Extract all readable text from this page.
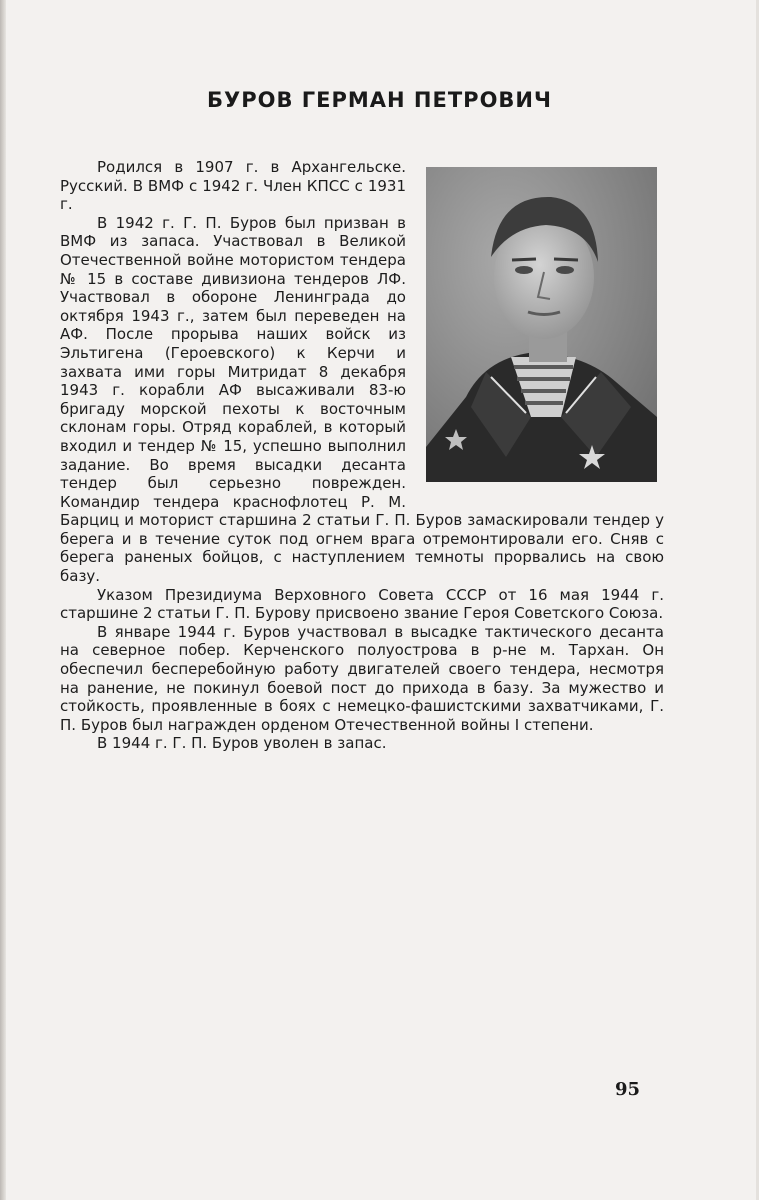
БУРОВ ГЕРМАН ПЕТРОВИЧ

Родился в 1907 г. в Архангельске. Русский. В ВМФ с 1942 г. Член КПСС с 1931 г.

В 1942 г. Г. П. Буров был призван в ВМФ из запаса. Участвовал в Великой Отечественной войне мотористом тендера № 15 в составе дивизиона тендеров ЛФ. Участвовал в обороне Ленинграда до октября 1943 г., затем был переведен на АФ. После прорыва наших войск из Эльтигена (Героевского) к Керчи и захвата ими горы Митридат 8 декабря 1943 г. корабли АФ высаживали 83-ю бригаду морской пехоты к восточным склонам горы. Отряд кораблей, в который входил и тендер № 15, успешно выполнил задание. Во время высадки десанта тендер был серьезно поврежден. Командир тендера краснофлотец Р. М. Барциц и моторист старшина 2 статьи Г. П. Буров замаскировали тендер у берега и в течение суток под огнем врага отремонтировали его. Сняв с берега раненых бойцов, с наступлением темноты прорвались на свою базу.

Указом Президиума Верховного Совета СССР от 16 мая 1944 г. старшине 2 статьи Г. П. Бурову присвоено звание Героя Советского Союза.

В январе 1944 г. Буров участвовал в высадке тактического десанта на северное побер. Керченского полуострова в р-не м. Тархан. Он обеспечил бесперебойную работу двигателей своего тендера, несмотря на ранение, не покинул боевой пост до прихода в базу. За мужество и стойкость, проявленные в боях с немецко-фашистскими захватчиками, Г. П. Буров был награжден орденом Отечественной войны I степени.

В 1944 г. Г. П. Буров уволен в запас.

95
